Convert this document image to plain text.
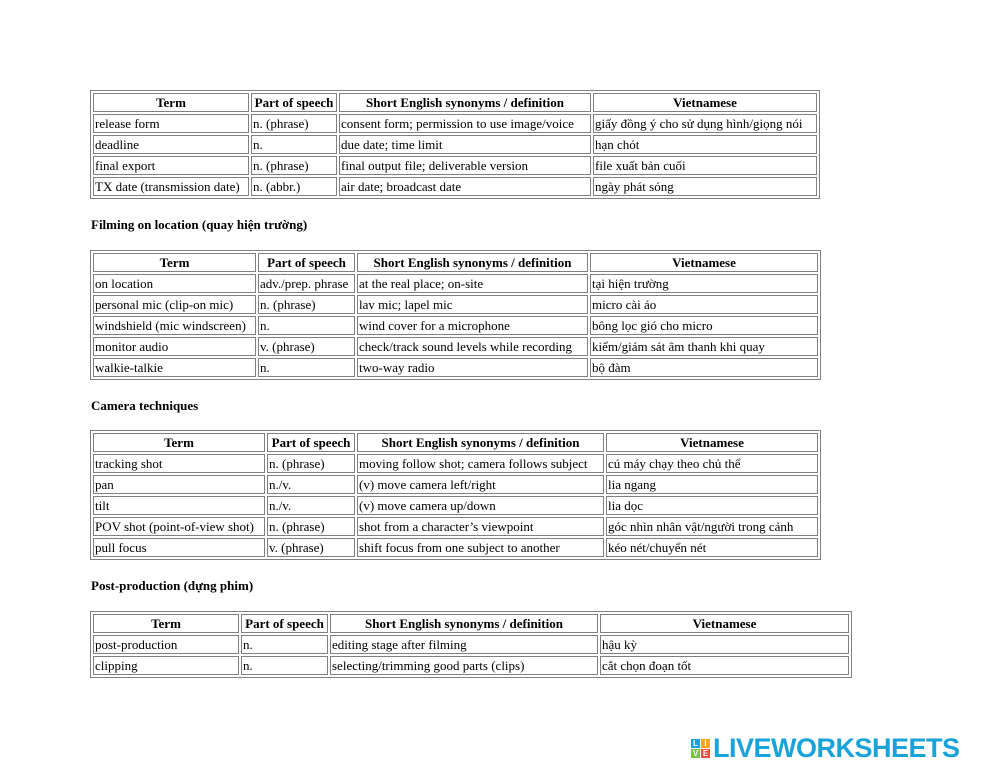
Term	Part of speech	Short English synonyms / definition	Vietnamese
release form	n. (phrase)	consent form; permission to use image/voice	giấy đồng ý cho sử dụng hình/giọng nói
deadline	n.	due date; time limit	hạn chót
final export	n. (phrase)	final output file; deliverable version	file xuất bản cuối
TX date (transmission date)	n. (abbr.)	air date; broadcast date	ngày phát sóng
Filming on location (quay hiện trường)
Term	Part of speech	Short English synonyms / definition	Vietnamese
on location	adv./prep. phrase	at the real place; on-site	tại hiện trường
personal mic (clip-on mic)	n. (phrase)	lav mic; lapel mic	micro cài áo
windshield (mic windscreen)	n.	wind cover for a microphone	bông lọc gió cho micro
monitor audio	v. (phrase)	check/track sound levels while recording	kiểm/giám sát âm thanh khi quay
walkie-talkie	n.	two-way radio	bộ đàm
Camera techniques
Term	Part of speech	Short English synonyms / definition	Vietnamese
tracking shot	n. (phrase)	moving follow shot; camera follows subject	cú máy chạy theo chủ thể
pan	n./v.	(v) move camera left/right	lia ngang
tilt	n./v.	(v) move camera up/down	lia dọc
POV shot (point-of-view shot)	n. (phrase)	shot from a character’s viewpoint	góc nhìn nhân vật/người trong cảnh
pull focus	v. (phrase)	shift focus from one subject to another	kéo nét/chuyển nét
Post-production (dựng phim)
Term	Part of speech	Short English synonyms / definition	Vietnamese
post-production	n.	editing stage after filming	hậu kỳ
clipping	n.	selecting/trimming good parts (clips)	cắt chọn đoạn tốt
L I
V E LIVEWORKSHEETS
